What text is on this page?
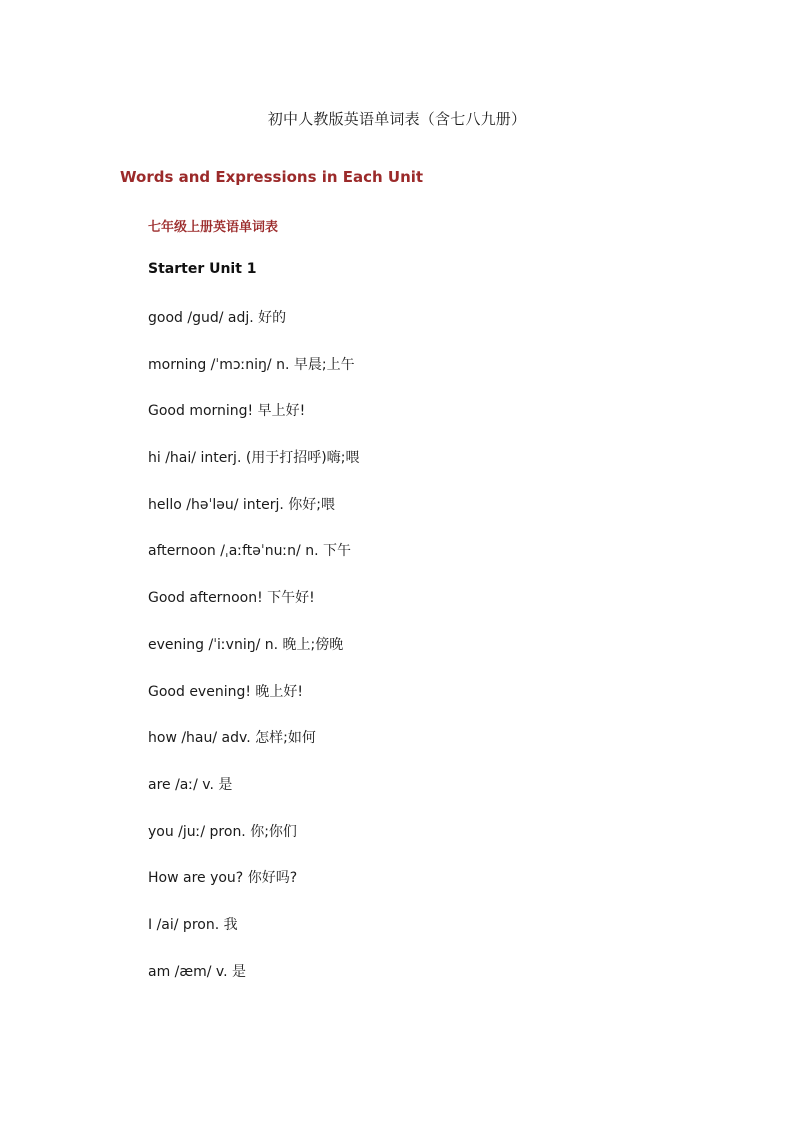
初中人教版英语单词表（含七八九册）
Words and Expressions in Each Unit
七年级上册英语单词表
Starter Unit 1
good /gud/ adj. 好的
morning /ˈmɔːniŋ/ n. 早晨;上午
Good morning! 早上好!
hi /hai/ interj. (用于打招呼)嗨;喂
hello /həˈləu/ interj. 你好;喂
afternoon /ˌaːftəˈnuːn/ n. 下午
Good afternoon! 下午好!
evening /ˈiːvniŋ/ n. 晚上;傍晚
Good evening! 晚上好!
how /hau/ adv. 怎样;如何
are /aː/ v. 是
you /juː/ pron. 你;你们
How are you? 你好吗?
I /ai/ pron. 我
am /æm/ v. 是
